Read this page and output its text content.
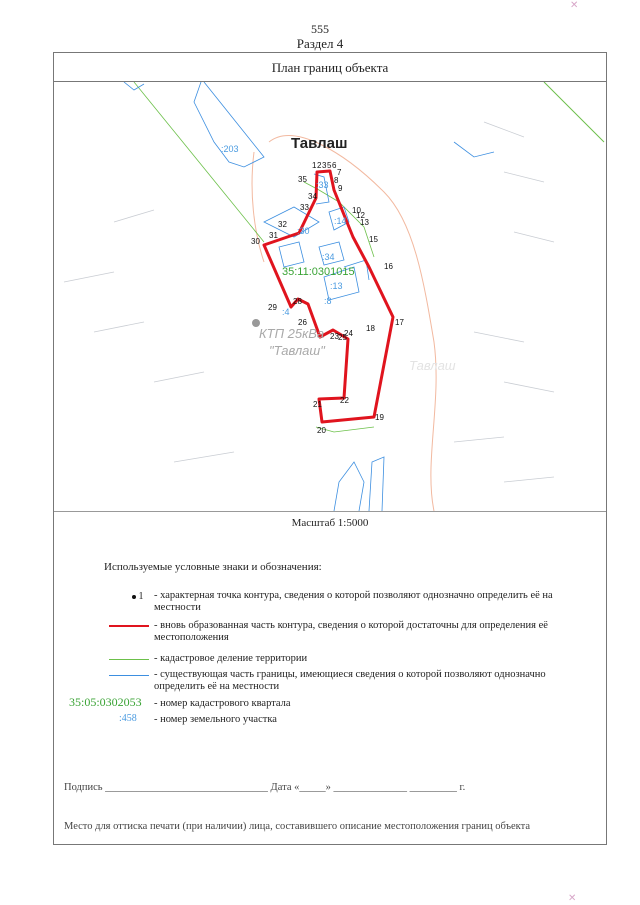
555
Раздел 4
План границ объекта
Тавлаш
:203
35:11:0301015
:30
:14
:34
:13
:8
:4
:33
КТП 25кВа
"Тавлаш"
Тавлаш
1 2 3 5 6
7
8
9
10
12
13
15
16
17
18
19
20
21 22
23 24
25
26
28
29
30
31
32
33
34
35
Масштаб 1:5000
Используемые условные знаки и обозначения:
1 - характерная точка контура, сведения о которой позволяют однозначно определить её на местности
- вновь образованная часть контура, сведения о которой достаточны для определения её местоположения
- кадастровое деление территории
- существующая часть границы, имеющиеся сведения о которой позволяют однозначно определить её на местности
35:05:0302053 - номер кадастрового квартала
:458 - номер земельного участка
Подпись _______________________________ Дата «_____» ______________ _________ г.
Место для оттиска печати (при наличии) лица, составившего описание местоположения границ объекта
✕
✕
